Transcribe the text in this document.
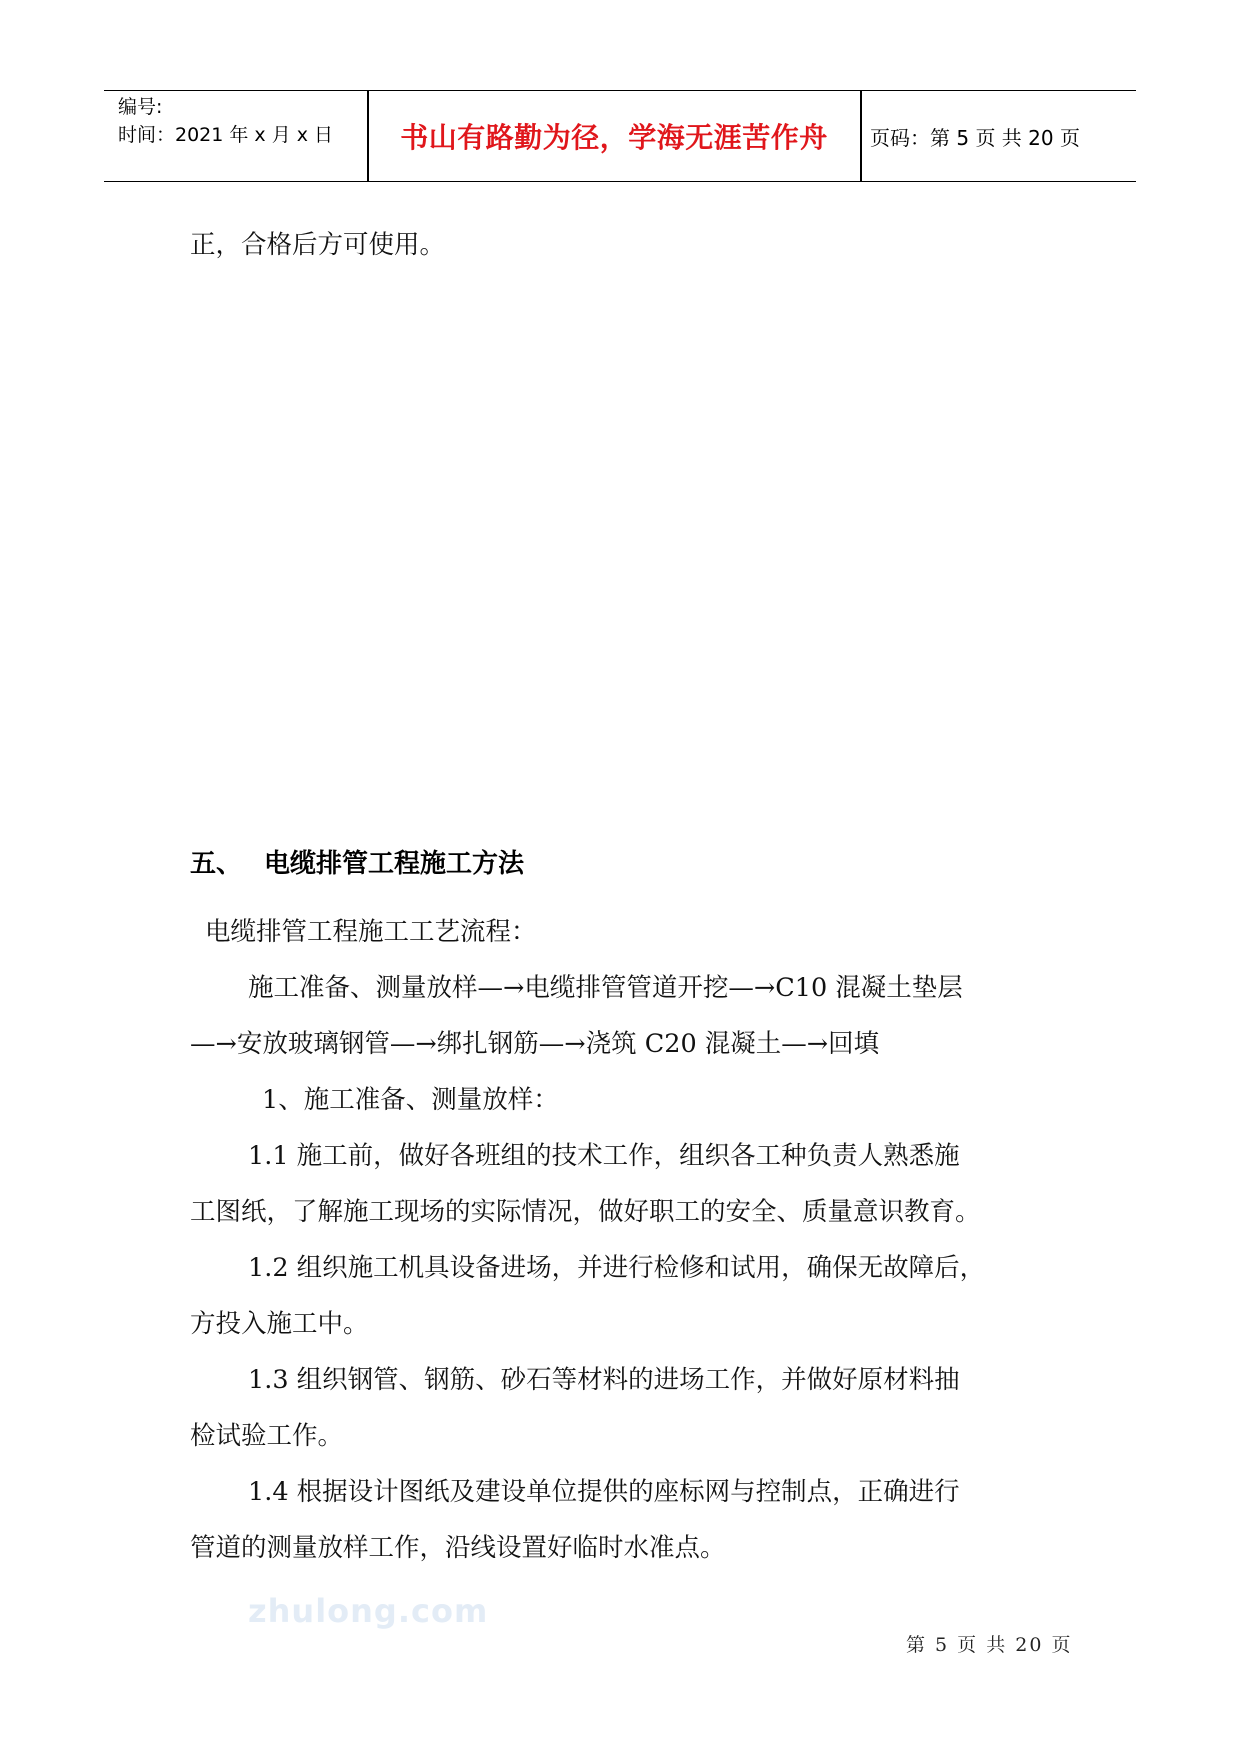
编号:
时间：2021 年 x 月 x 日	书山有路勤为径，学海无涯苦作舟	页码：第 5 页 共 20 页
正，合格后方可使用。
五、 电缆排管工程施工方法
电缆排管工程施工工艺流程：
施工准备、测量放样—→电缆排管管道开挖—→C10 混凝土垫层
—→安放玻璃钢管—→绑扎钢筋—→浇筑 C20 混凝土—→回填
1、施工准备、测量放样：
1.1 施工前，做好各班组的技术工作，组织各工种负责人熟悉施
工图纸，了解施工现场的实际情况，做好职工的安全、质量意识教育。
1.2 组织施工机具设备进场，并进行检修和试用，确保无故障后，
方投入施工中。
1.3 组织钢管、钢筋、砂石等材料的进场工作，并做好原材料抽
检试验工作。
1.4 根据设计图纸及建设单位提供的座标网与控制点，正确进行
管道的测量放样工作，沿线设置好临时水准点。
zhulong.com
第 5 页 共 20 页
